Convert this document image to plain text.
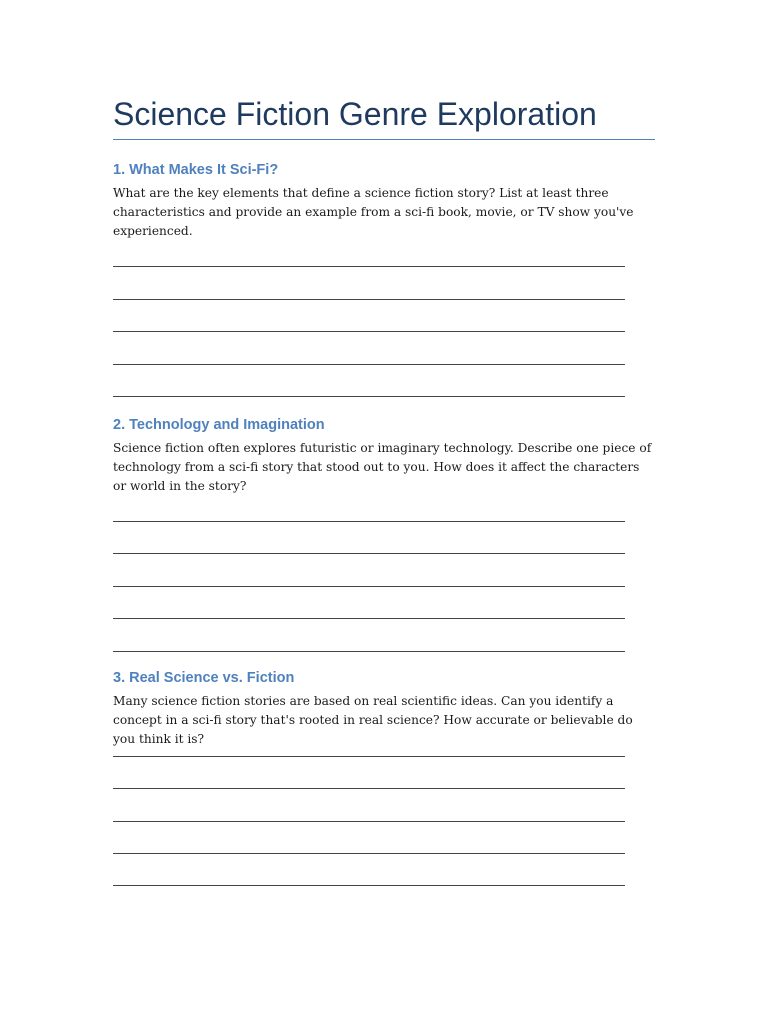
Science Fiction Genre Exploration
1. What Makes It Sci-Fi?

What are the key elements that define a science fiction story? List at least three characteristics and provide an example from a sci-fi book, movie, or TV show you've experienced.

2. Technology and Imagination

Science fiction often explores futuristic or imaginary technology. Describe one piece of technology from a sci-fi story that stood out to you. How does it affect the characters or world in the story?

3. Real Science vs. Fiction

Many science fiction stories are based on real scientific ideas. Can you identify a concept in a sci-fi story that's rooted in real science? How accurate or believable do you think it is?
